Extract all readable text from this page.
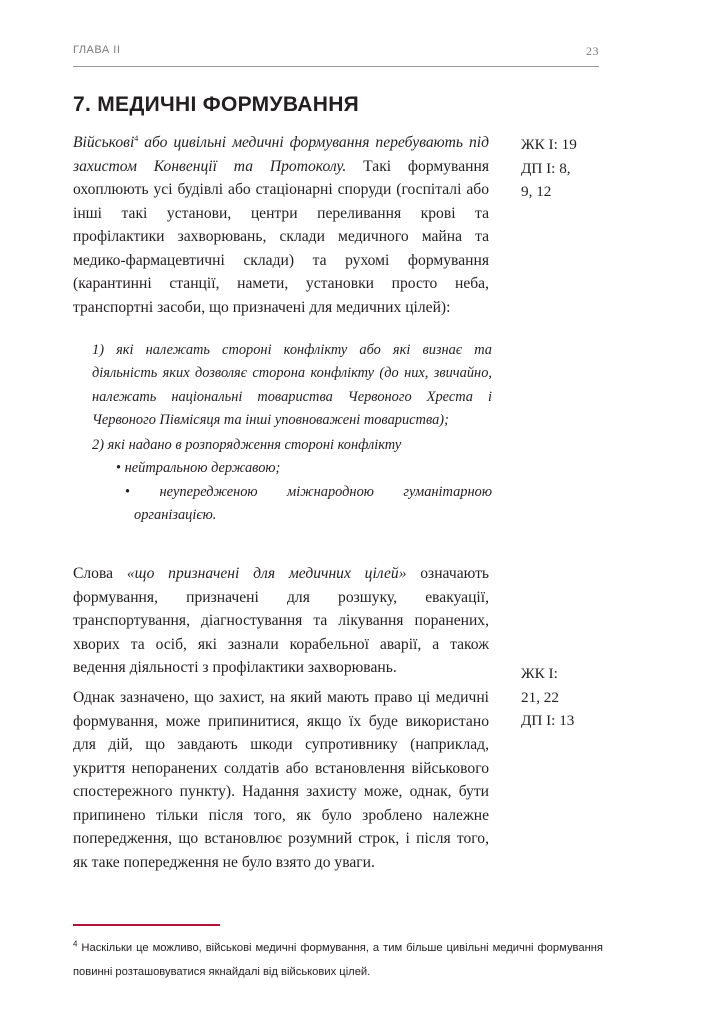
ГЛАВА II	23
7. МЕДИЧНІ ФОРМУВАННЯ

Військові$^4$ або цивільні медичні формування перебувають під захистом Конвенції та Протоколу. Такі формування охоплюють усі будівлі або стаціонарні споруди (госпіталі або інші такі установи, центри переливання крові та профілактики захворювань, склади медичного майна та медико-фармацевтичні склади) та рухомі формування (карантинні станції, намети, установки просто неба, транспортні засоби, що призначені для медичних цілей):

1) які належать стороні конфлікту або які визнає та діяльність яких дозволяє сторона конфлікту (до них, звичайно, належать національні товариства Червоного Хреста і Червоного Півмісяця та інші уповноважені товариства);
2) які надано в розпорядження стороні конфлікту
• нейтральною державою;
• неупередженою міжнародною гуманітарною організацією.

Слова «що призначені для медичних цілей» означають формування, призначені для розшуку, евакуації, транспортування, діагностування та лікування поранених, хворих та осіб, які зазнали корабельної аварії, а також ведення діяльності з профілактики захворювань.

Однак зазначено, що захист, на який мають право ці медичні формування, може припинитися, якщо їх буде використано для дій, що завдають шкоди супротивнику (наприклад, укриття непоранених солдатів або встановлення військового спостережного пункту). Надання захисту може, однак, бути припинено тільки після того, як було зроблено належне попередження, що встановлює розумний строк, і після того, як таке попередження не було взято до уваги.

ЖК I: 19
ДП I: 8,
9, 12
ЖК I:
21, 22
ДП I: 13

$^4$ Наскільки це можливо, військові медичні формування, а тим більше цивільні медичні формування повинні розташовуватися якнайдалі від військових цілей.
